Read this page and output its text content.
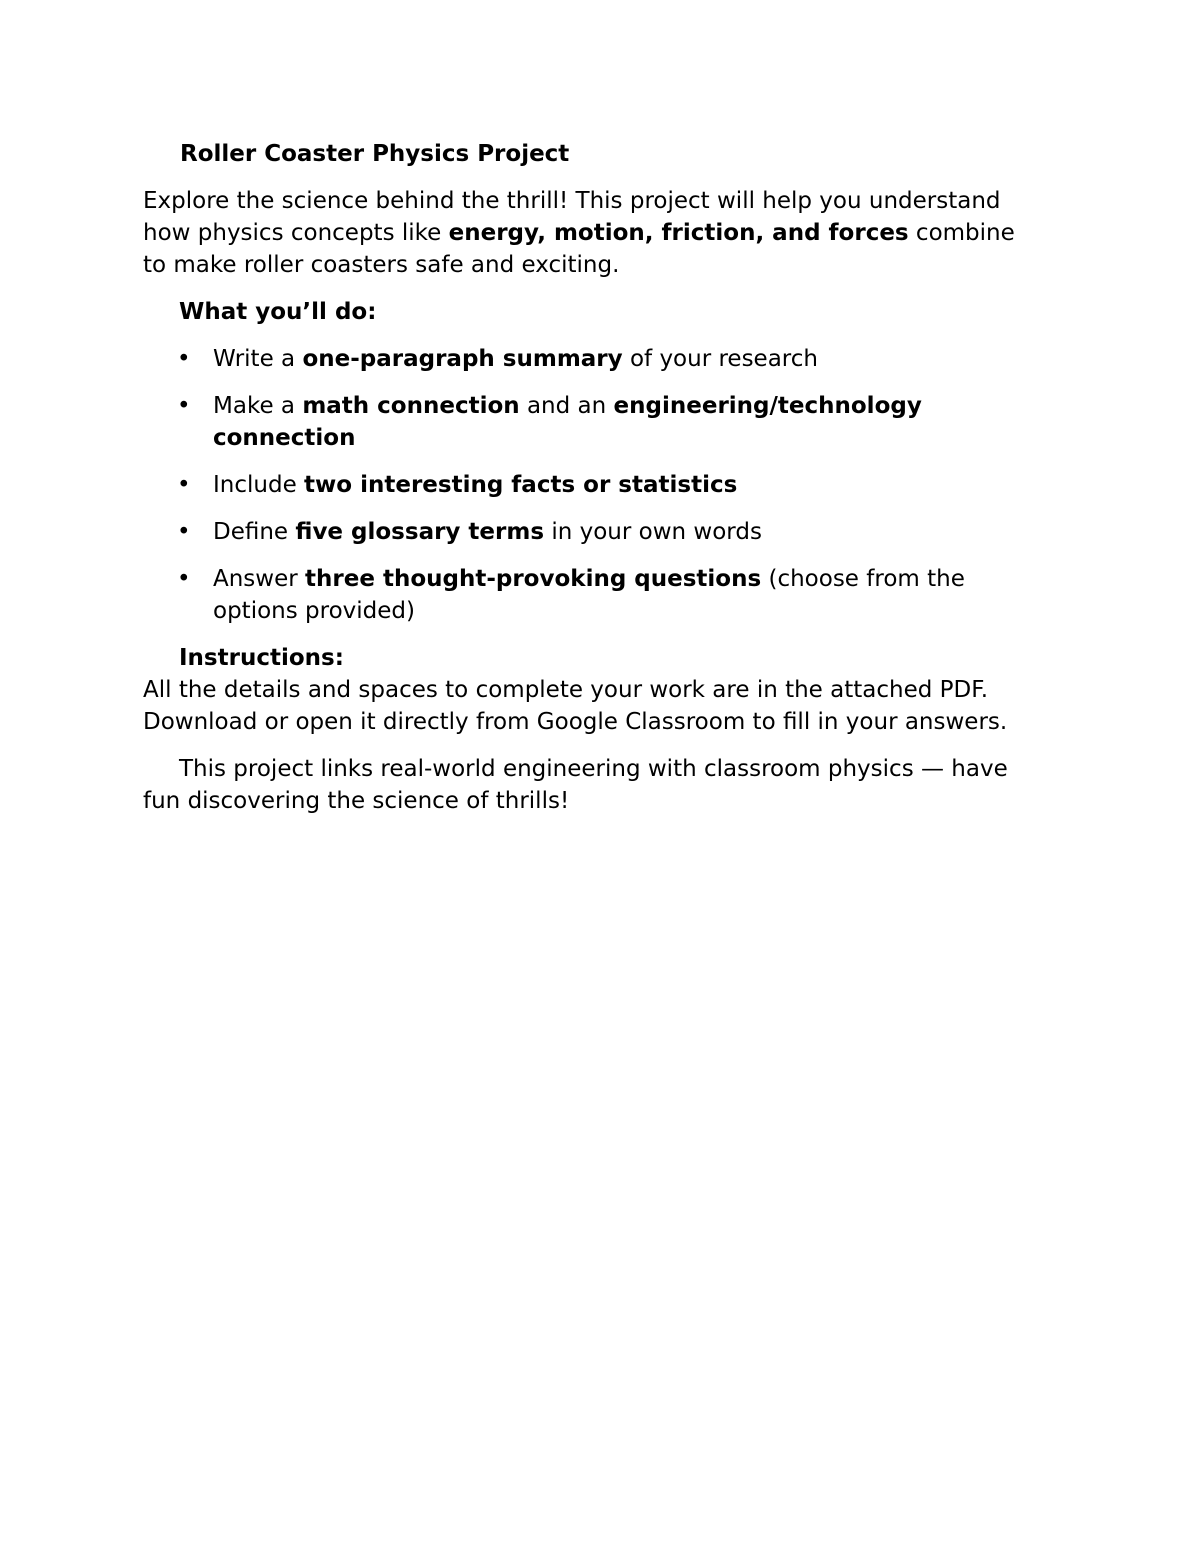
Roller Coaster Physics Project

Explore the science behind the thrill! This project will help you understand how physics concepts like energy, motion, friction, and forces combine to make roller coasters safe and exciting.

What you’ll do:

• Write a one-paragraph summary of your research
• Make a math connection and an engineering/technology connection
• Include two interesting facts or statistics
• Define five glossary terms in your own words
• Answer three thought-provoking questions (choose from the options provided)

Instructions:

All the details and spaces to complete your work are in the attached PDF. Download or open it directly from Google Classroom to fill in your answers.

This project links real-world engineering with classroom physics — have fun discovering the science of thrills!
